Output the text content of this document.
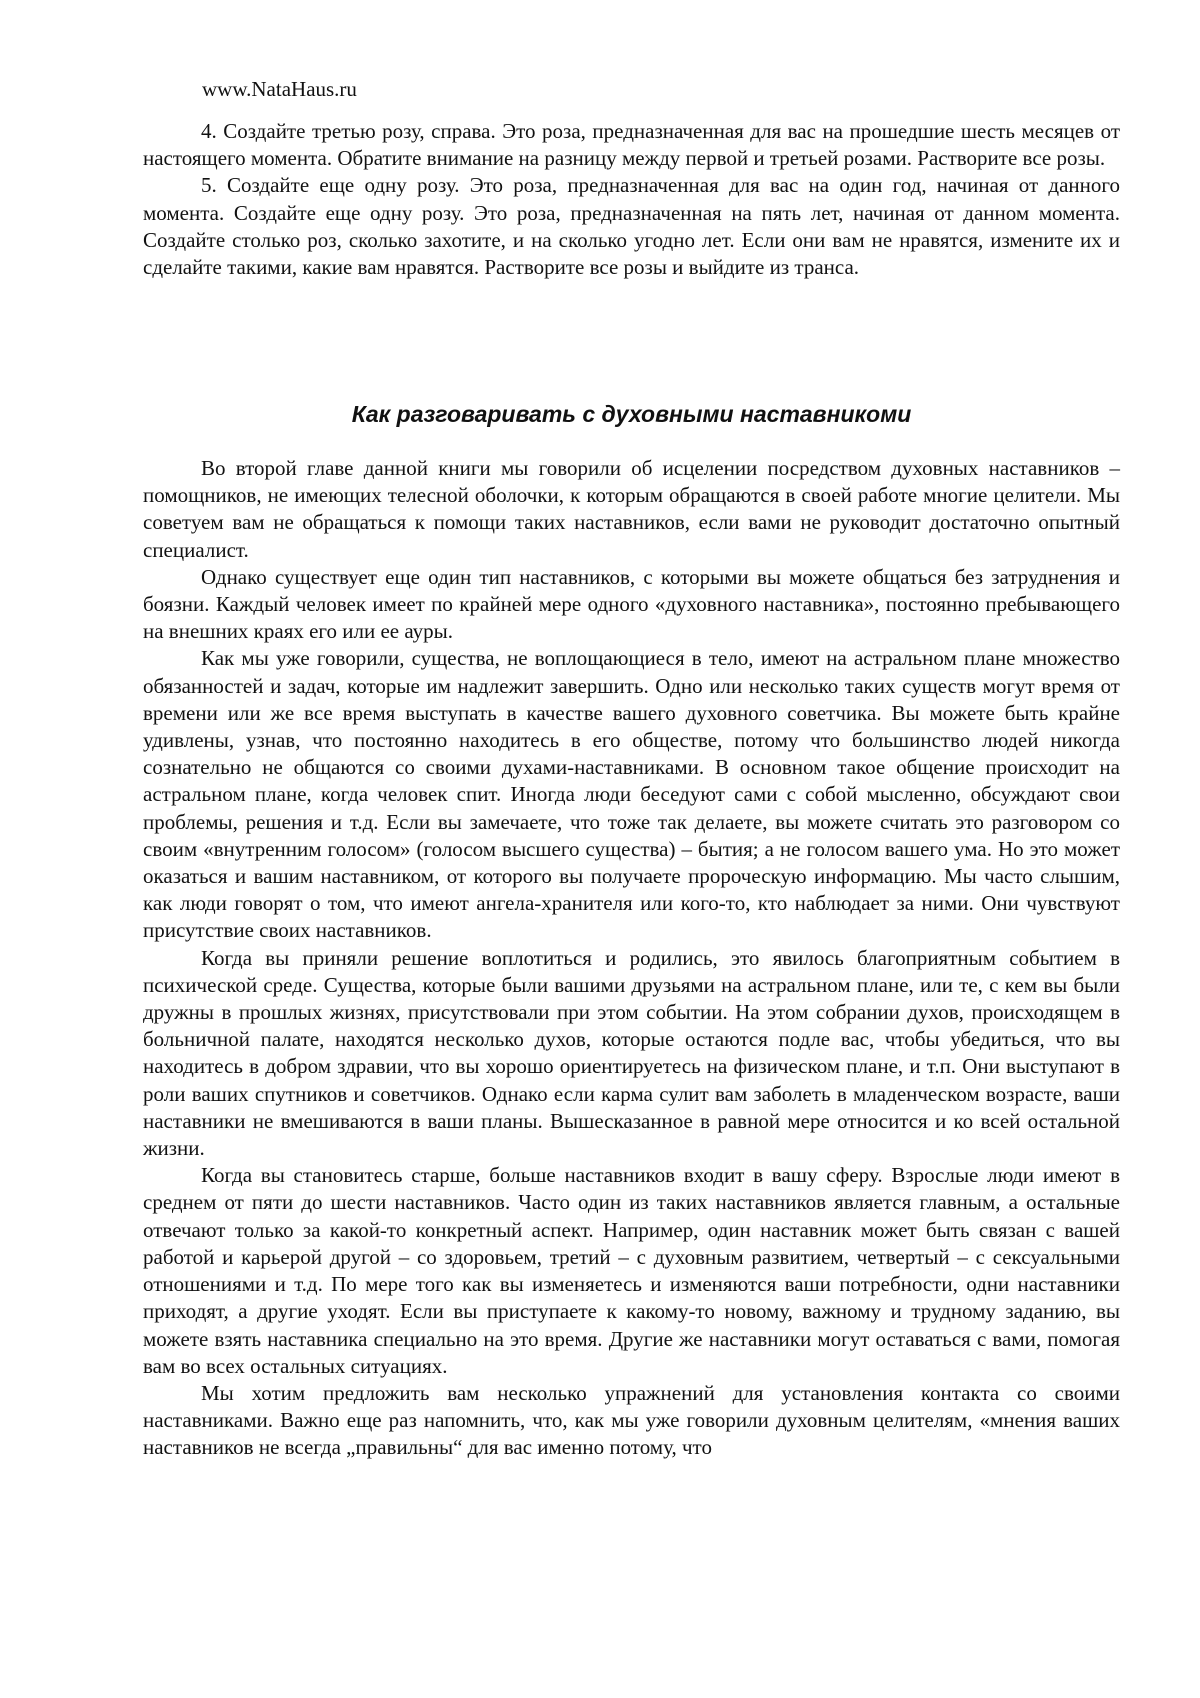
www.NataHaus.ru

4. Создайте третью розу, справа. Это роза, предназначенная для вас на прошедшие шесть месяцев от настоящего момента. Обратите внимание на разницу между первой и третьей розами. Растворите все розы.

5. Создайте еще одну розу. Это роза, предназначенная для вас на один год, начиная от данного момента. Создайте еще одну розу. Это роза, предназначенная на пять лет, начиная от данном момента. Создайте столько роз, сколько захотите, и на сколько угодно лет. Если они вам не нравятся, измените их и сделайте такими, какие вам нравятся. Растворите все розы и выйдите из транса.

Как разговаривать с духовными наставникоми

Во второй главе данной книги мы говорили об исцелении посредством духовных наставников – помощников, не имеющих телесной оболочки, к которым обращаются в своей работе многие целители. Мы советуем вам не обращаться к помощи таких наставников, если вами не руководит достаточно опытный специалист.

Однако существует еще один тип наставников, с которыми вы можете общаться без затруднения и боязни. Каждый человек имеет по крайней мере одного «духовного наставника», постоянно пребывающего на внешних краях его или ее ауры.

Как мы уже говорили, существа, не воплощающиеся в тело, имеют на астральном плане множество обязанностей и задач, которые им надлежит завершить. Одно или несколько таких существ могут время от времени или же все время выступать в качестве вашего духовного советчика. Вы можете быть крайне удивлены, узнав, что постоянно находитесь в его обществе, потому что большинство людей никогда сознательно не общаются со своими духами-наставниками. В основном такое общение происходит на астральном плане, когда человек спит. Иногда люди беседуют сами с собой мысленно, обсуждают свои проблемы, решения и т.д. Если вы замечаете, что тоже так делаете, вы можете считать это разговором со своим «внутренним голосом» (голосом высшего существа) – бытия; а не голосом вашего ума. Но это может оказаться и вашим наставником, от которого вы получаете пророческую информацию. Мы часто слышим, как люди говорят о том, что имеют ангела-хранителя или кого-то, кто наблюдает за ними. Они чувствуют присутствие своих наставников.

Когда вы приняли решение воплотиться и родились, это явилось благоприятным событием в психической среде. Существа, которые были вашими друзьями на астральном плане, или те, с кем вы были дружны в прошлых жизнях, присутствовали при этом событии. На этом собрании духов, происходящем в больничной палате, находятся несколько духов, которые остаются подле вас, чтобы убедиться, что вы находитесь в добром здравии, что вы хорошо ориентируетесь на физическом плане, и т.п. Они выступают в роли ваших спутников и советчиков. Однако если карма сулит вам заболеть в младенческом возрасте, ваши наставники не вмешиваются в ваши планы. Вышесказанное в равной мере относится и ко всей остальной жизни.

Когда вы становитесь старше, больше наставников входит в вашу сферу. Взрослые люди имеют в среднем от пяти до шести наставников. Часто один из таких наставников является главным, а остальные отвечают только за какой-то конкретный аспект. Например, один наставник может быть связан с вашей работой и карьерой другой – со здоровьем, третий – с духовным развитием, четвертый – с сексуальными отношениями и т.д. По мере того как вы изменяетесь и изменяются ваши потребности, одни наставники приходят, а другие уходят. Если вы приступаете к какому-то новому, важному и трудному заданию, вы можете взять наставника специально на это время. Другие же наставники могут оставаться с вами, помогая вам во всех остальных ситуациях.

Мы хотим предложить вам несколько упражнений для установления контакта со своими наставниками. Важно еще раз напомнить, что, как мы уже говорили духовным целителям, «мнения ваших наставников не всегда „правильны“ для вас именно потому, что
